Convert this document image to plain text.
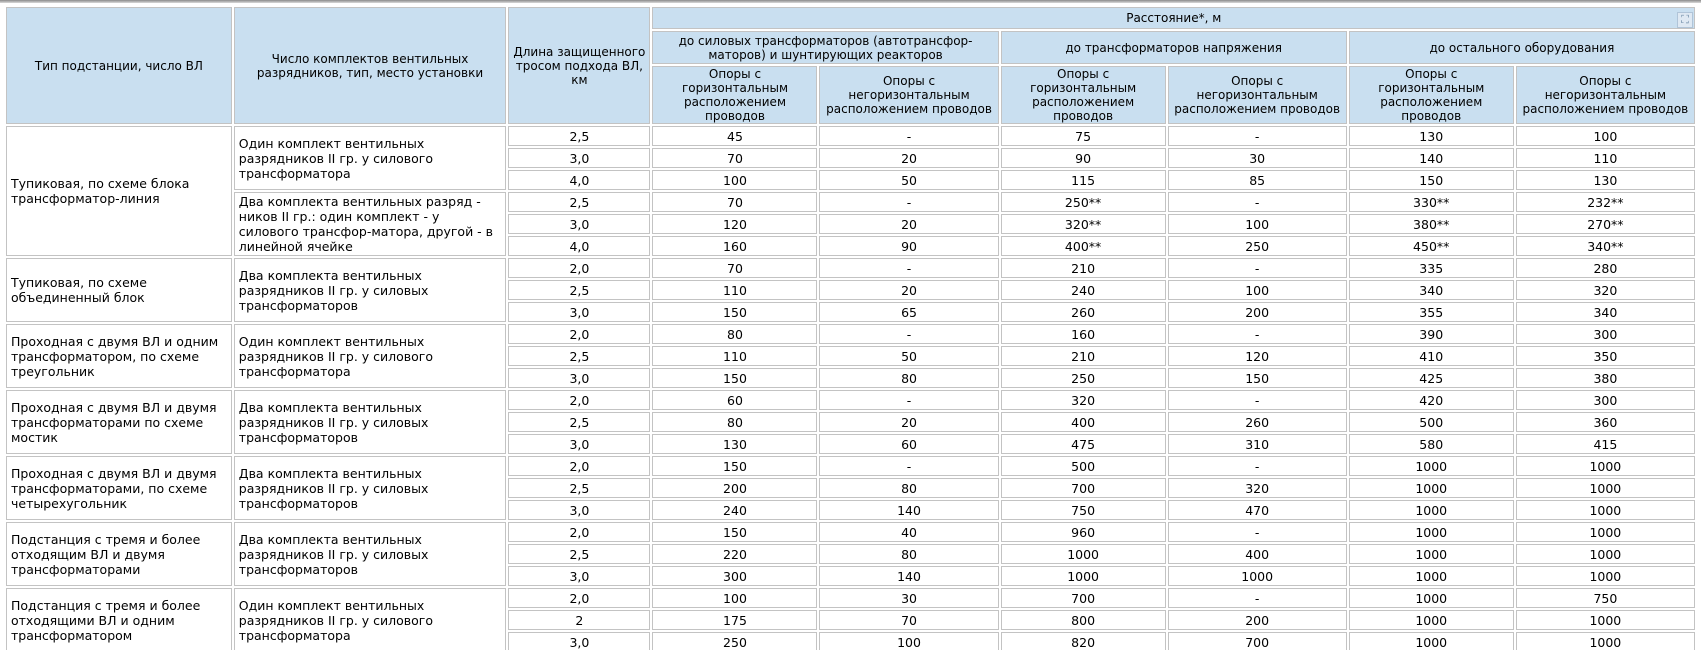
Тип подстанции, число ВЛ	Число комплектов вентильных разрядников, тип, место установки	Длина защищенного тросом подхода ВЛ, км	Расстояние*, м					
			до силовых трансформаторов (автотрансфор-маторов) и шунтирующих реакторов		до трансформаторов напряжения		до остального оборудования	
			Опоры с горизонтальным расположением проводов	Опоры с негоризонтальным расположением проводов	Опоры с горизонтальным расположением проводов	Опоры с негоризонтальным расположением проводов	Опоры с горизонтальным расположением проводов	Опоры с негоризонтальным расположением проводов
Тупиковая, по схеме блока трансформатор-линия	Один комплект вентильных разрядников II гр. у силового трансформатора	2,5	45	-	75	-	130	100
		3,0	70	20	90	30	140	110
		4,0	100	50	115	85	150	130
	Два комплекта вентильных разряд - ников II гр.: один комплект - у силового трансфор-матора, другой - в линейной ячейке	2,5	70	-	250**	-	330**	232**
		3,0	120	20	320**	100	380**	270**
		4,0	160	90	400**	250	450**	340**
Тупиковая, по схеме объединенный блок	Два комплекта вентильных разрядников II гр. у силовых трансформаторов	2,0	70	-	210	-	335	280
		2,5	110	20	240	100	340	320
		3,0	150	65	260	200	355	340
Проходная с двумя ВЛ и одним трансформатором, по схеме треугольник	Один комплект вентильных разрядников II гр. у силового трансформатора	2,0	80	-	160	-	390	300
		2,5	110	50	210	120	410	350
		3,0	150	80	250	150	425	380
Проходная с двумя ВЛ и двумя трансформаторами по схеме мостик	Два комплекта вентильных разрядников II гр. у силовых трансформаторов	2,0	60	-	320	-	420	300
		2,5	80	20	400	260	500	360
		3,0	130	60	475	310	580	415
Проходная с двумя ВЛ и двумя трансформаторами, по схеме четырехугольник	Два комплекта вентильных разрядников II гр. у силовых трансформаторов	2,0	150	-	500	-	1000	1000
		2,5	200	80	700	320	1000	1000
		3,0	240	140	750	470	1000	1000
Подстанция с тремя и более отходящим ВЛ и двумя трансформаторами	Два комплекта вентильных разрядников II гр. у силовых трансформаторов	2,0	150	40	960	-	1000	1000
		2,5	220	80	1000	400	1000	1000
		3,0	300	140	1000	1000	1000	1000
Подстанция с тремя и более отходящими ВЛ и одним трансформатором	Один комплект вентильных разрядников II гр. у силового трансформатора	2,0	100	30	700	-	1000	750
		2	175	70	800	200	1000	1000
		3,0	250	100	820	700	1000	1000
⛶
